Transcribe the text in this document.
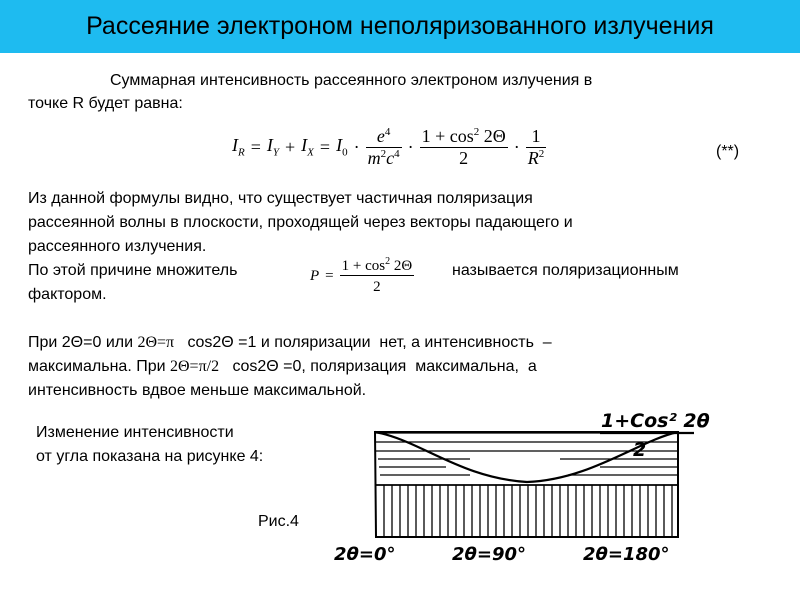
Рассеяние электроном неполяризованного излучения

Суммарная интенсивность рассеянного электроном излучения в

точке R будет равна:

$I_R = I_Y + I_X = I_0 \cdot \frac{e^4}{m^2c^4} \cdot \frac{1 + \cos^2 2\Theta}{2} \cdot \frac{1}{R^2}$	(**)

Из данной формулы видно, что существует частичная поляризация

рассеянной волны в плоскости, проходящей через векторы падающего и

рассеянного излучения.

По этой причине множитель	называется поляризационным

фактором.

$P = \frac{1 + \cos^2 2\Theta}{2}$

При 2Θ=0 или 2Θ=π   cos2Θ =1 и поляризации  нет, а интенсивность  –

максимальна. При 2Θ=π/2   cos2Θ =0, поляризация  максимальна,  а

интенсивность вдвое меньше максимальной.

Изменение интенсивности

от угла показана на рисунке 4:

Рис.4

1+Cos² 2θ
2
2θ=0°	2θ=90°	2θ=180°
